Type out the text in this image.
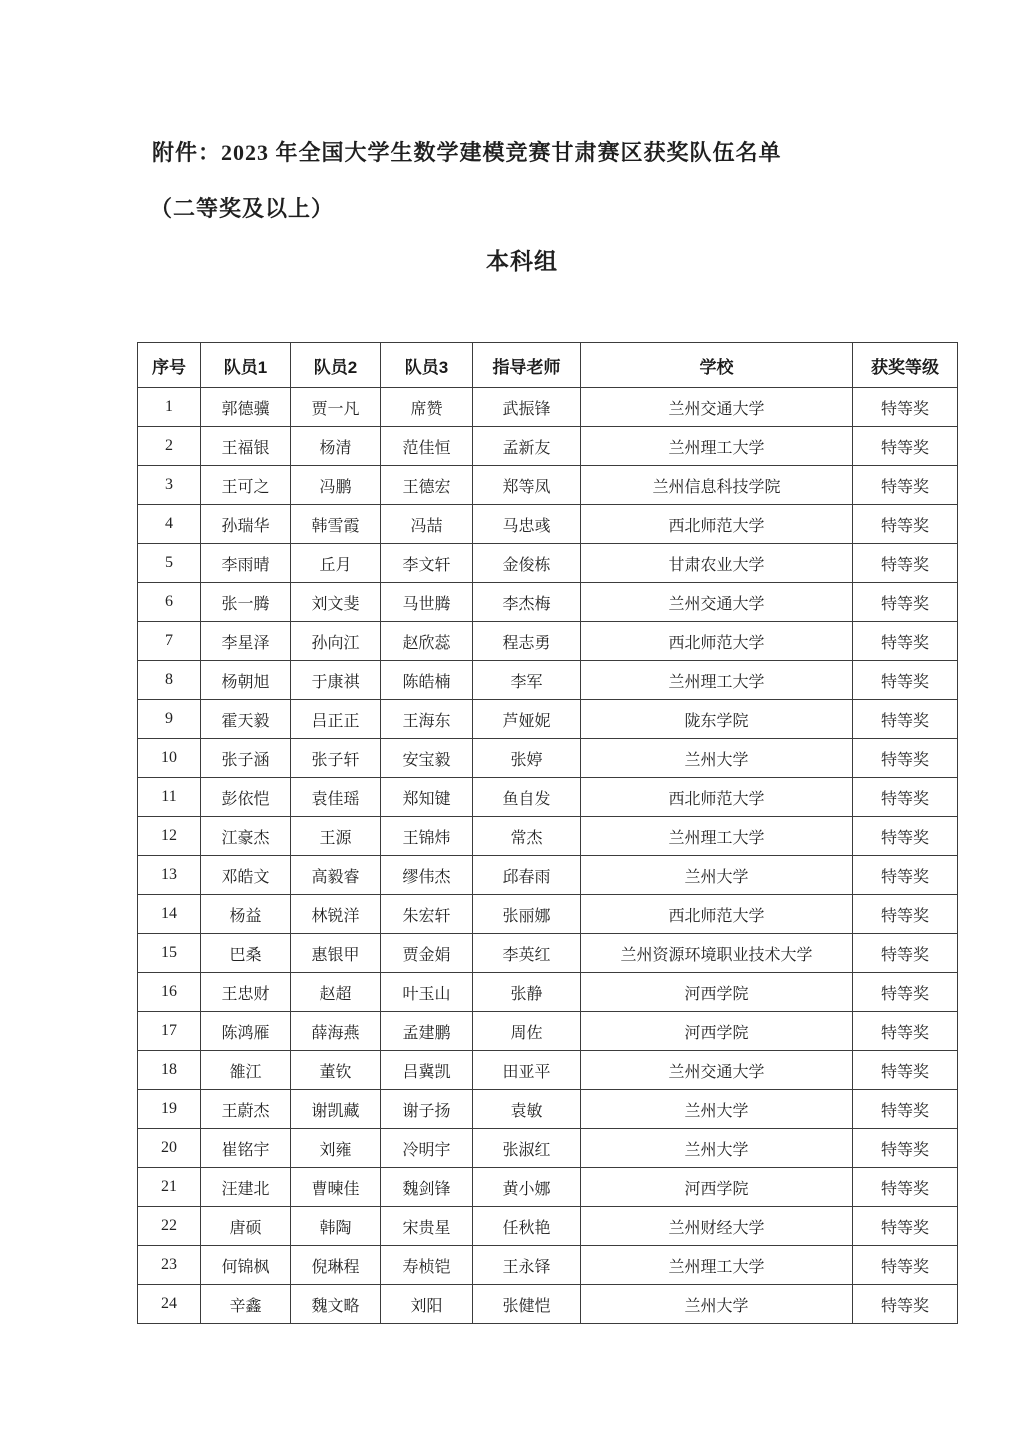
附件：2023 年全国大学生数学建模竞赛甘肃赛区获奖队伍名单
（二等奖及以上）
本科组
序号	队员1	队员2	队员3	指导老师	学校	获奖等级
1	郭德骥	贾一凡	席赞	武振锋	兰州交通大学	特等奖
2	王福银	杨清	范佳恒	孟新友	兰州理工大学	特等奖
3	王可之	冯鹏	王德宏	郑等凤	兰州信息科技学院	特等奖
4	孙瑞华	韩雪霞	冯喆	马忠彧	西北师范大学	特等奖
5	李雨晴	丘月	李文轩	金俊栋	甘肃农业大学	特等奖
6	张一腾	刘文斐	马世腾	李杰梅	兰州交通大学	特等奖
7	李星泽	孙向江	赵欣蕊	程志勇	西北师范大学	特等奖
8	杨朝旭	于康祺	陈皓楠	李军	兰州理工大学	特等奖
9	霍天毅	吕正正	王海东	芦娅妮	陇东学院	特等奖
10	张子涵	张子轩	安宝毅	张婷	兰州大学	特等奖
11	彭依恺	袁佳瑶	郑知键	鱼自发	西北师范大学	特等奖
12	江豪杰	王源	王锦炜	常杰	兰州理工大学	特等奖
13	邓皓文	高毅睿	缪伟杰	邱春雨	兰州大学	特等奖
14	杨益	林锐洋	朱宏轩	张丽娜	西北师范大学	特等奖
15	巴桑	惠银甲	贾金娟	李英红	兰州资源环境职业技术大学	特等奖
16	王忠财	赵超	叶玉山	张静	河西学院	特等奖
17	陈鸿雁	薛海燕	孟建鹏	周佐	河西学院	特等奖
18	雒江	董钦	吕冀凯	田亚平	兰州交通大学	特等奖
19	王蔚杰	谢凯藏	谢子扬	袁敏	兰州大学	特等奖
20	崔铭宇	刘雍	冷明宇	张淑红	兰州大学	特等奖
21	汪建北	曹暕佳	魏剑锋	黄小娜	河西学院	特等奖
22	唐硕	韩陶	宋贵星	任秋艳	兰州财经大学	特等奖
23	何锦枫	倪琳程	寿桢铠	王永铎	兰州理工大学	特等奖
24	辛鑫	魏文略	刘阳	张健恺	兰州大学	特等奖
